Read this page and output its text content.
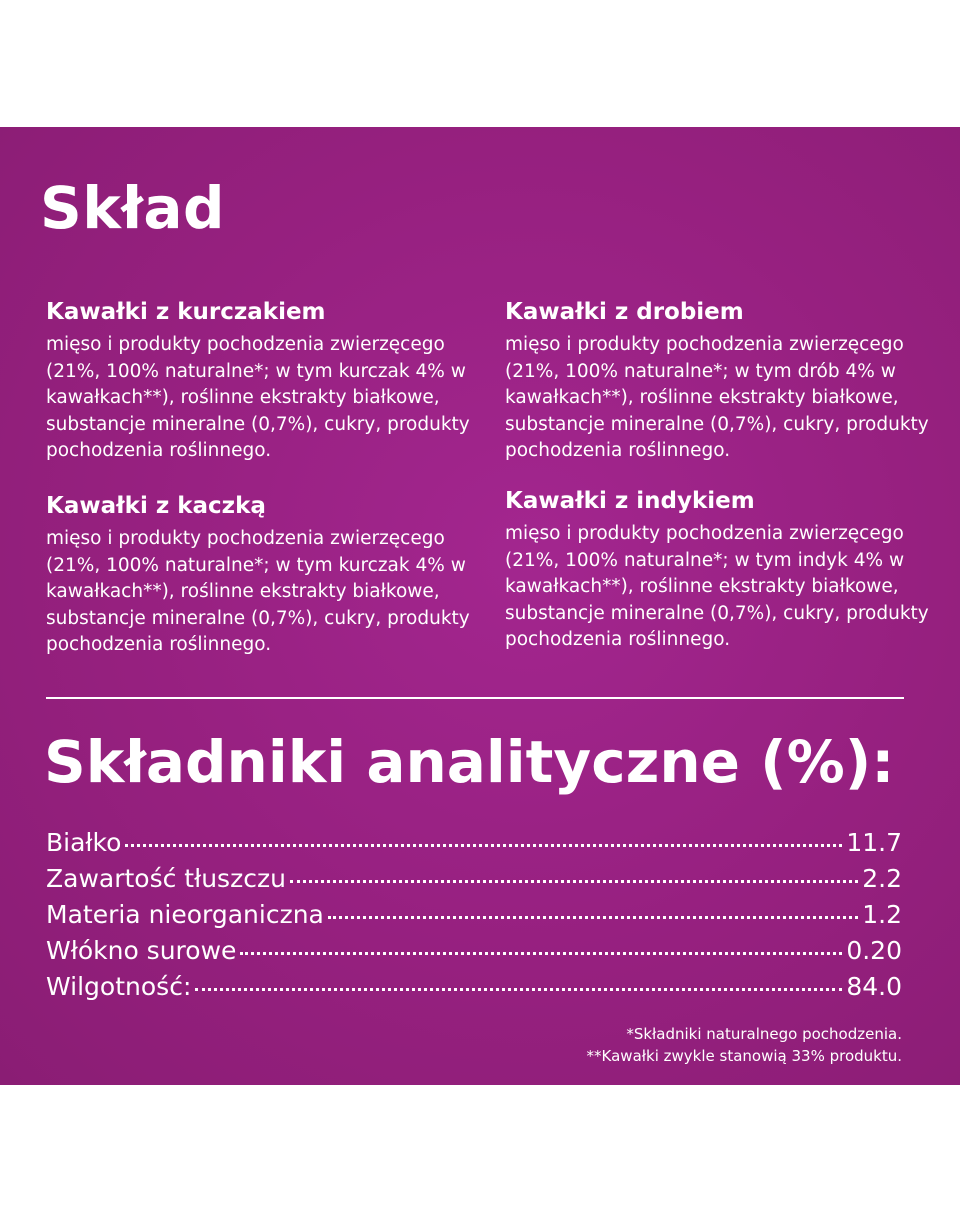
Skład
Kawałki z kurczakiem

mięso i produkty pochodzenia zwierzęcego (21%, 100% naturalne*; w tym kurczak 4% w kawałkach**), roślinne ekstrakty białkowe, substancje mineralne (0,7%), cukry, produkty pochodzenia roślinnego.

Kawałki z drobiem

mięso i produkty pochodzenia zwierzęcego (21%, 100% naturalne*; w tym drób 4% w kawałkach**), roślinne ekstrakty białkowe, substancje mineralne (0,7%), cukry, produkty pochodzenia roślinnego.

Kawałki z kaczką

mięso i produkty pochodzenia zwierzęcego (21%, 100% naturalne*; w tym kurczak 4% w kawałkach**), roślinne ekstrakty białkowe, substancje mineralne (0,7%), cukry, produkty pochodzenia roślinnego.

Kawałki z indykiem

mięso i produkty pochodzenia zwierzęcego (21%, 100% naturalne*; w tym indyk 4% w kawałkach**), roślinne ekstrakty białkowe, substancje mineralne (0,7%), cukry, produkty pochodzenia roślinnego.

Składniki analityczne (%):
Białko	11.7
Zawartość tłuszczu	2.2
Materia nieorganiczna	1.2
Włókno surowe	0.20
Wilgotność:	84.0
*Składniki naturalnego pochodzenia.
**Kawałki zwykle stanowią 33% produktu.
